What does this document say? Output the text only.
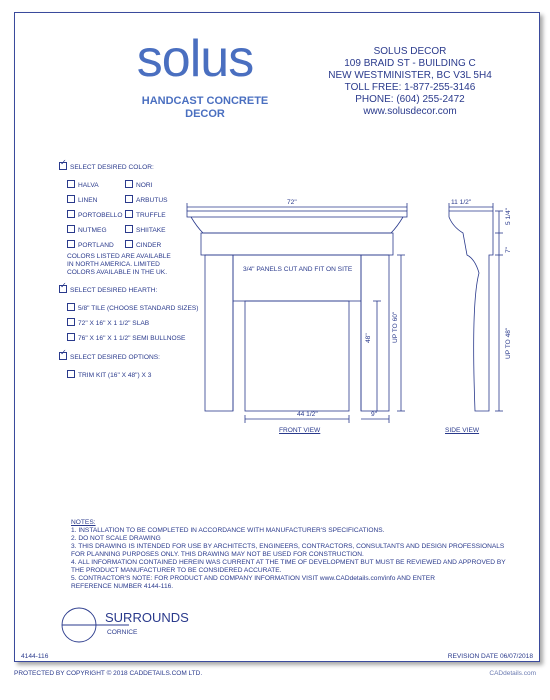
solus
HANDCAST CONCRETE
DECOR
SOLUS DECOR
109 BRAID ST - BUILDING C
NEW WESTMINISTER, BC V3L 5H4
TOLL FREE: 1-877-255-3146
PHONE: (604) 255-2472
www.solusdecor.com
✓SELECT DESIRED COLOR:
HALVA
LINEN
PORTOBELLO
NUTMEG
PORTLAND
NORI
ARBUTUS
TRUFFLE
SHIITAKE
CINDER
COLORS LISTED ARE AVAILABLE
IN NORTH AMERICA. LIMITED
COLORS AVAILABLE IN THE UK.
✓SELECT DESIRED HEARTH:
5/8" TILE (CHOOSE STANDARD SIZES)
72" X 16" X 1 1/2" SLAB
76" X 16" X 1 1/2" SEMI BULLNOSE
✓SELECT DESIRED OPTIONS:
TRIM KIT (16" X 48") X 3
72"
3/4" PANELS CUT AND FIT ON SITE
48"	UP TO 60"
44 1/2"	9"
FRONT VIEW
11 1/2"
5 1/4"
7"
UP TO 48"
SIDE VIEW
NOTES:
1. INSTALLATION TO BE COMPLETED IN ACCORDANCE WITH MANUFACTURER'S SPECIFICATIONS.
2. DO NOT SCALE DRAWING
3. THIS DRAWING IS INTENDED FOR USE BY ARCHITECTS, ENGINEERS, CONTRACTORS, CONSULTANTS AND DESIGN PROFESSIONALS
FOR PLANNING PURPOSES ONLY. THIS DRAWING MAY NOT BE USED FOR CONSTRUCTION.
4. ALL INFORMATION CONTAINED HEREIN WAS CURRENT AT THE TIME OF DEVELOPMENT BUT MUST BE REVIEWED AND APPROVED BY
THE PRODUCT MANUFACTURER TO BE CONSIDERED ACCURATE.
5. CONTRACTOR'S NOTE: FOR PRODUCT AND COMPANY INFORMATION VISIT www.CADdetails.com/info AND ENTER
REFERENCE NUMBER 4144-116.
SURROUNDS
CORNICE
4144-116	REVISION DATE 06/07/2018
PROTECTED BY COPYRIGHT © 2018 CADDETAILS.COM LTD.	CADdetails.com
